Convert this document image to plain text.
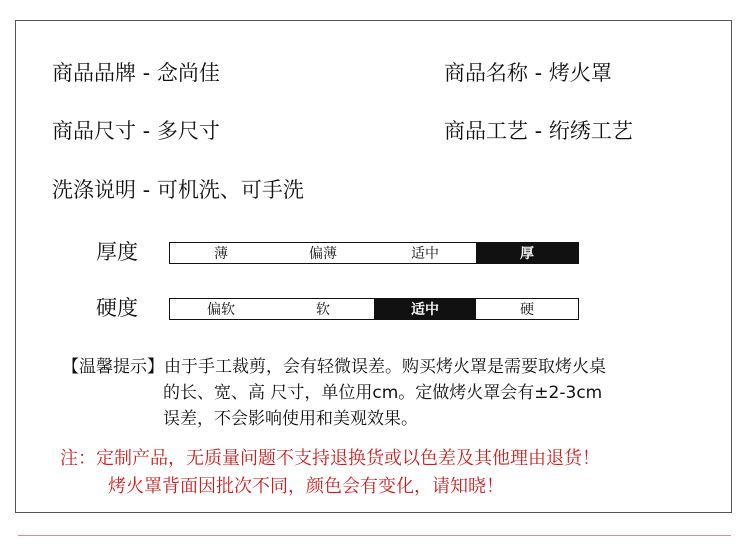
商品品牌 - 念尚佳	商品名称 - 烤火罩
商品尺寸 - 多尺寸	商品工艺 - 绗绣工艺
洗涤说明 - 可机洗、可手洗
厚度	薄	偏薄	适中	厚
硬度	偏软	软	适中	硬
【温馨提示】由于手工裁剪，会有轻微误差。购买烤火罩是需要取烤火桌
的长、宽、高 尺寸，单位用cm。定做烤火罩会有±2-3cm
误差，不会影响使用和美观效果。
注：定制产品，无质量问题不支持退换货或以色差及其他理由退货！
烤火罩背面因批次不同，颜色会有变化，请知晓！
